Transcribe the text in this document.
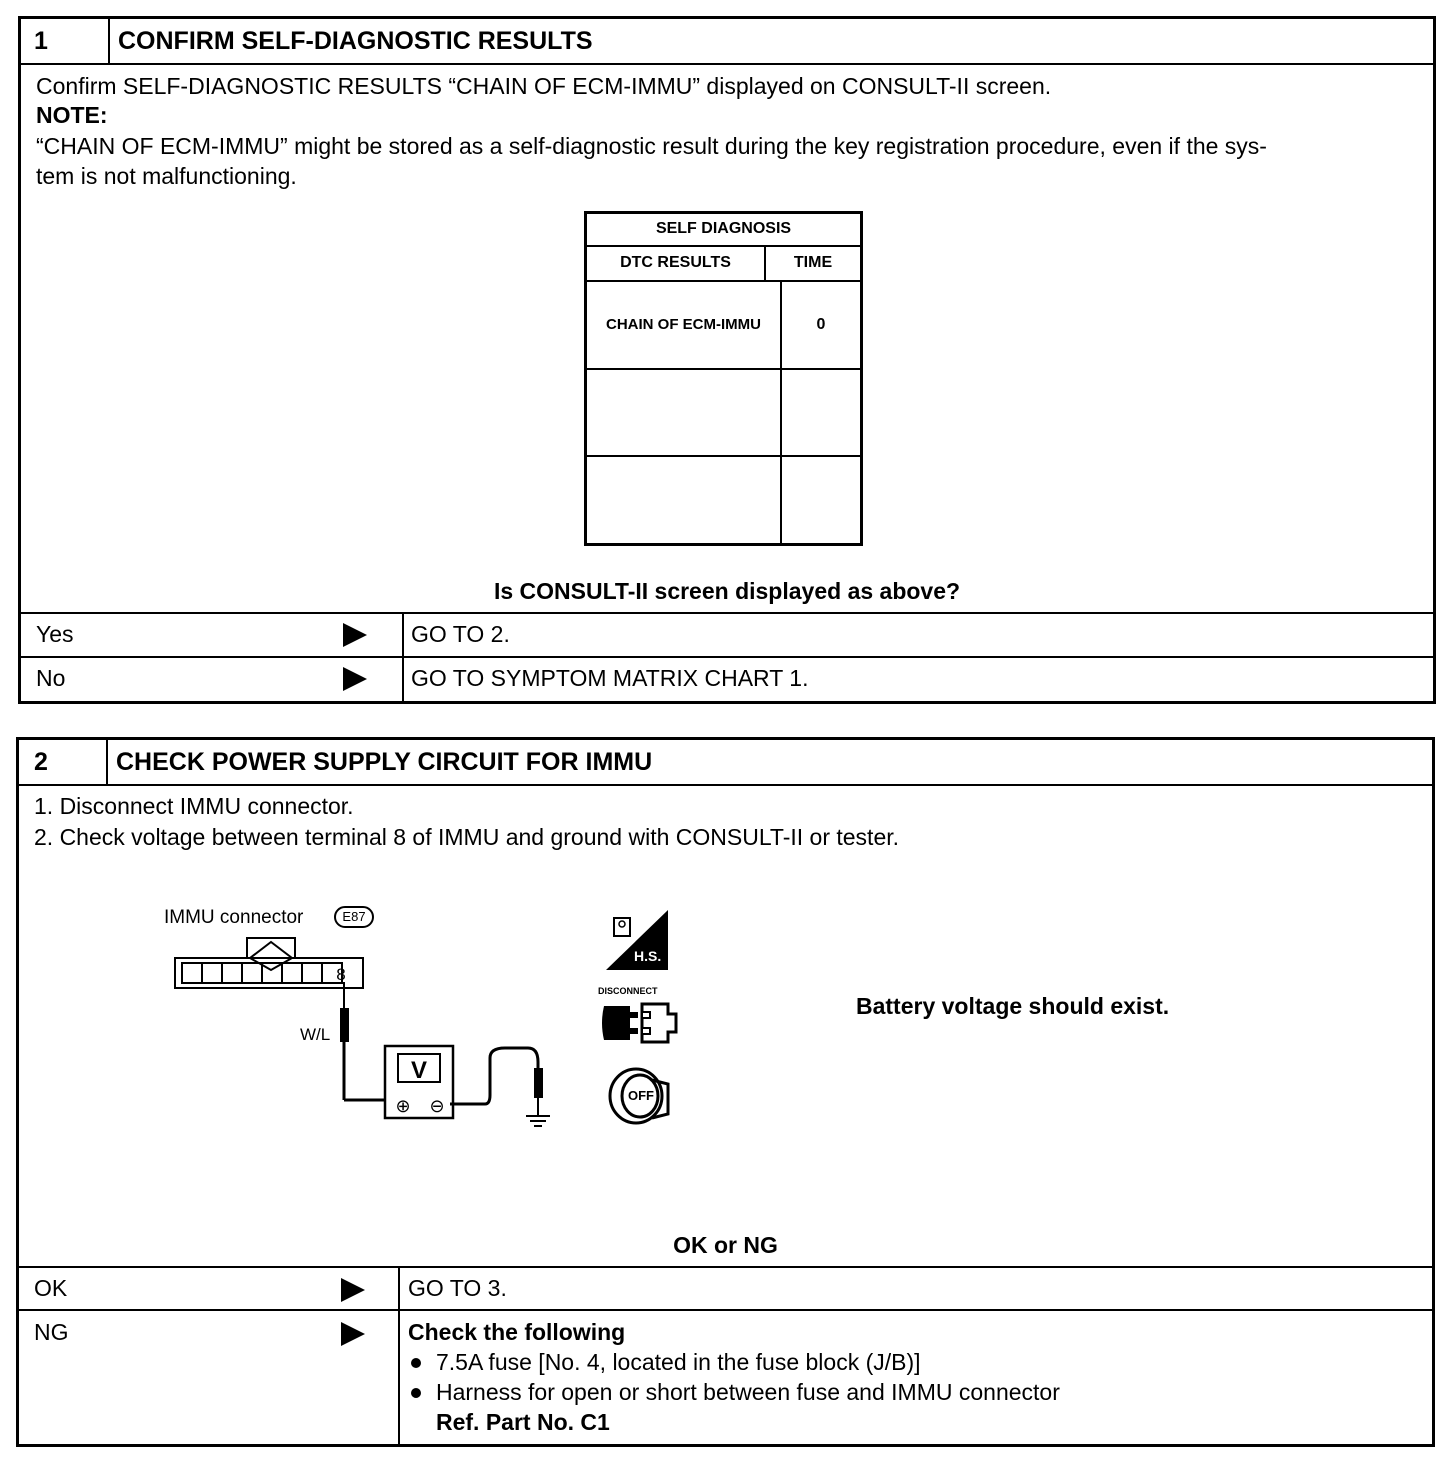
1	CONFIRM SELF-DIAGNOSTIC RESULTS
Confirm SELF-DIAGNOSTIC RESULTS “CHAIN OF ECM-IMMU” displayed on CONSULT-II screen.
NOTE:
“CHAIN OF ECM-IMMU” might be stored as a self-diagnostic result during the key registration procedure, even if the sys-
tem is not malfunctioning.
SELF DIAGNOSIS
DTC RESULTS	TIME
CHAIN OF ECM-IMMU	0
Is CONSULT-II screen displayed as above?
Yes	GO TO 2.
No	GO TO SYMPTOM MATRIX CHART 1.
2	CHECK POWER SUPPLY CIRCUIT FOR IMMU
1. Disconnect IMMU connector.
2. Check voltage between terminal 8 of IMMU and ground with CONSULT-II or tester.
IMMU connector	E87
8
V
⊕ ⊖
W/L
H.S.
DISCONNECT
OFF
Battery voltage should exist.
OK or NG
OK	GO TO 3.
NG	Check the following
7.5A fuse [No. 4, located in the fuse block (J/B)]
Harness for open or short between fuse and IMMU connector
Ref. Part No. C1
